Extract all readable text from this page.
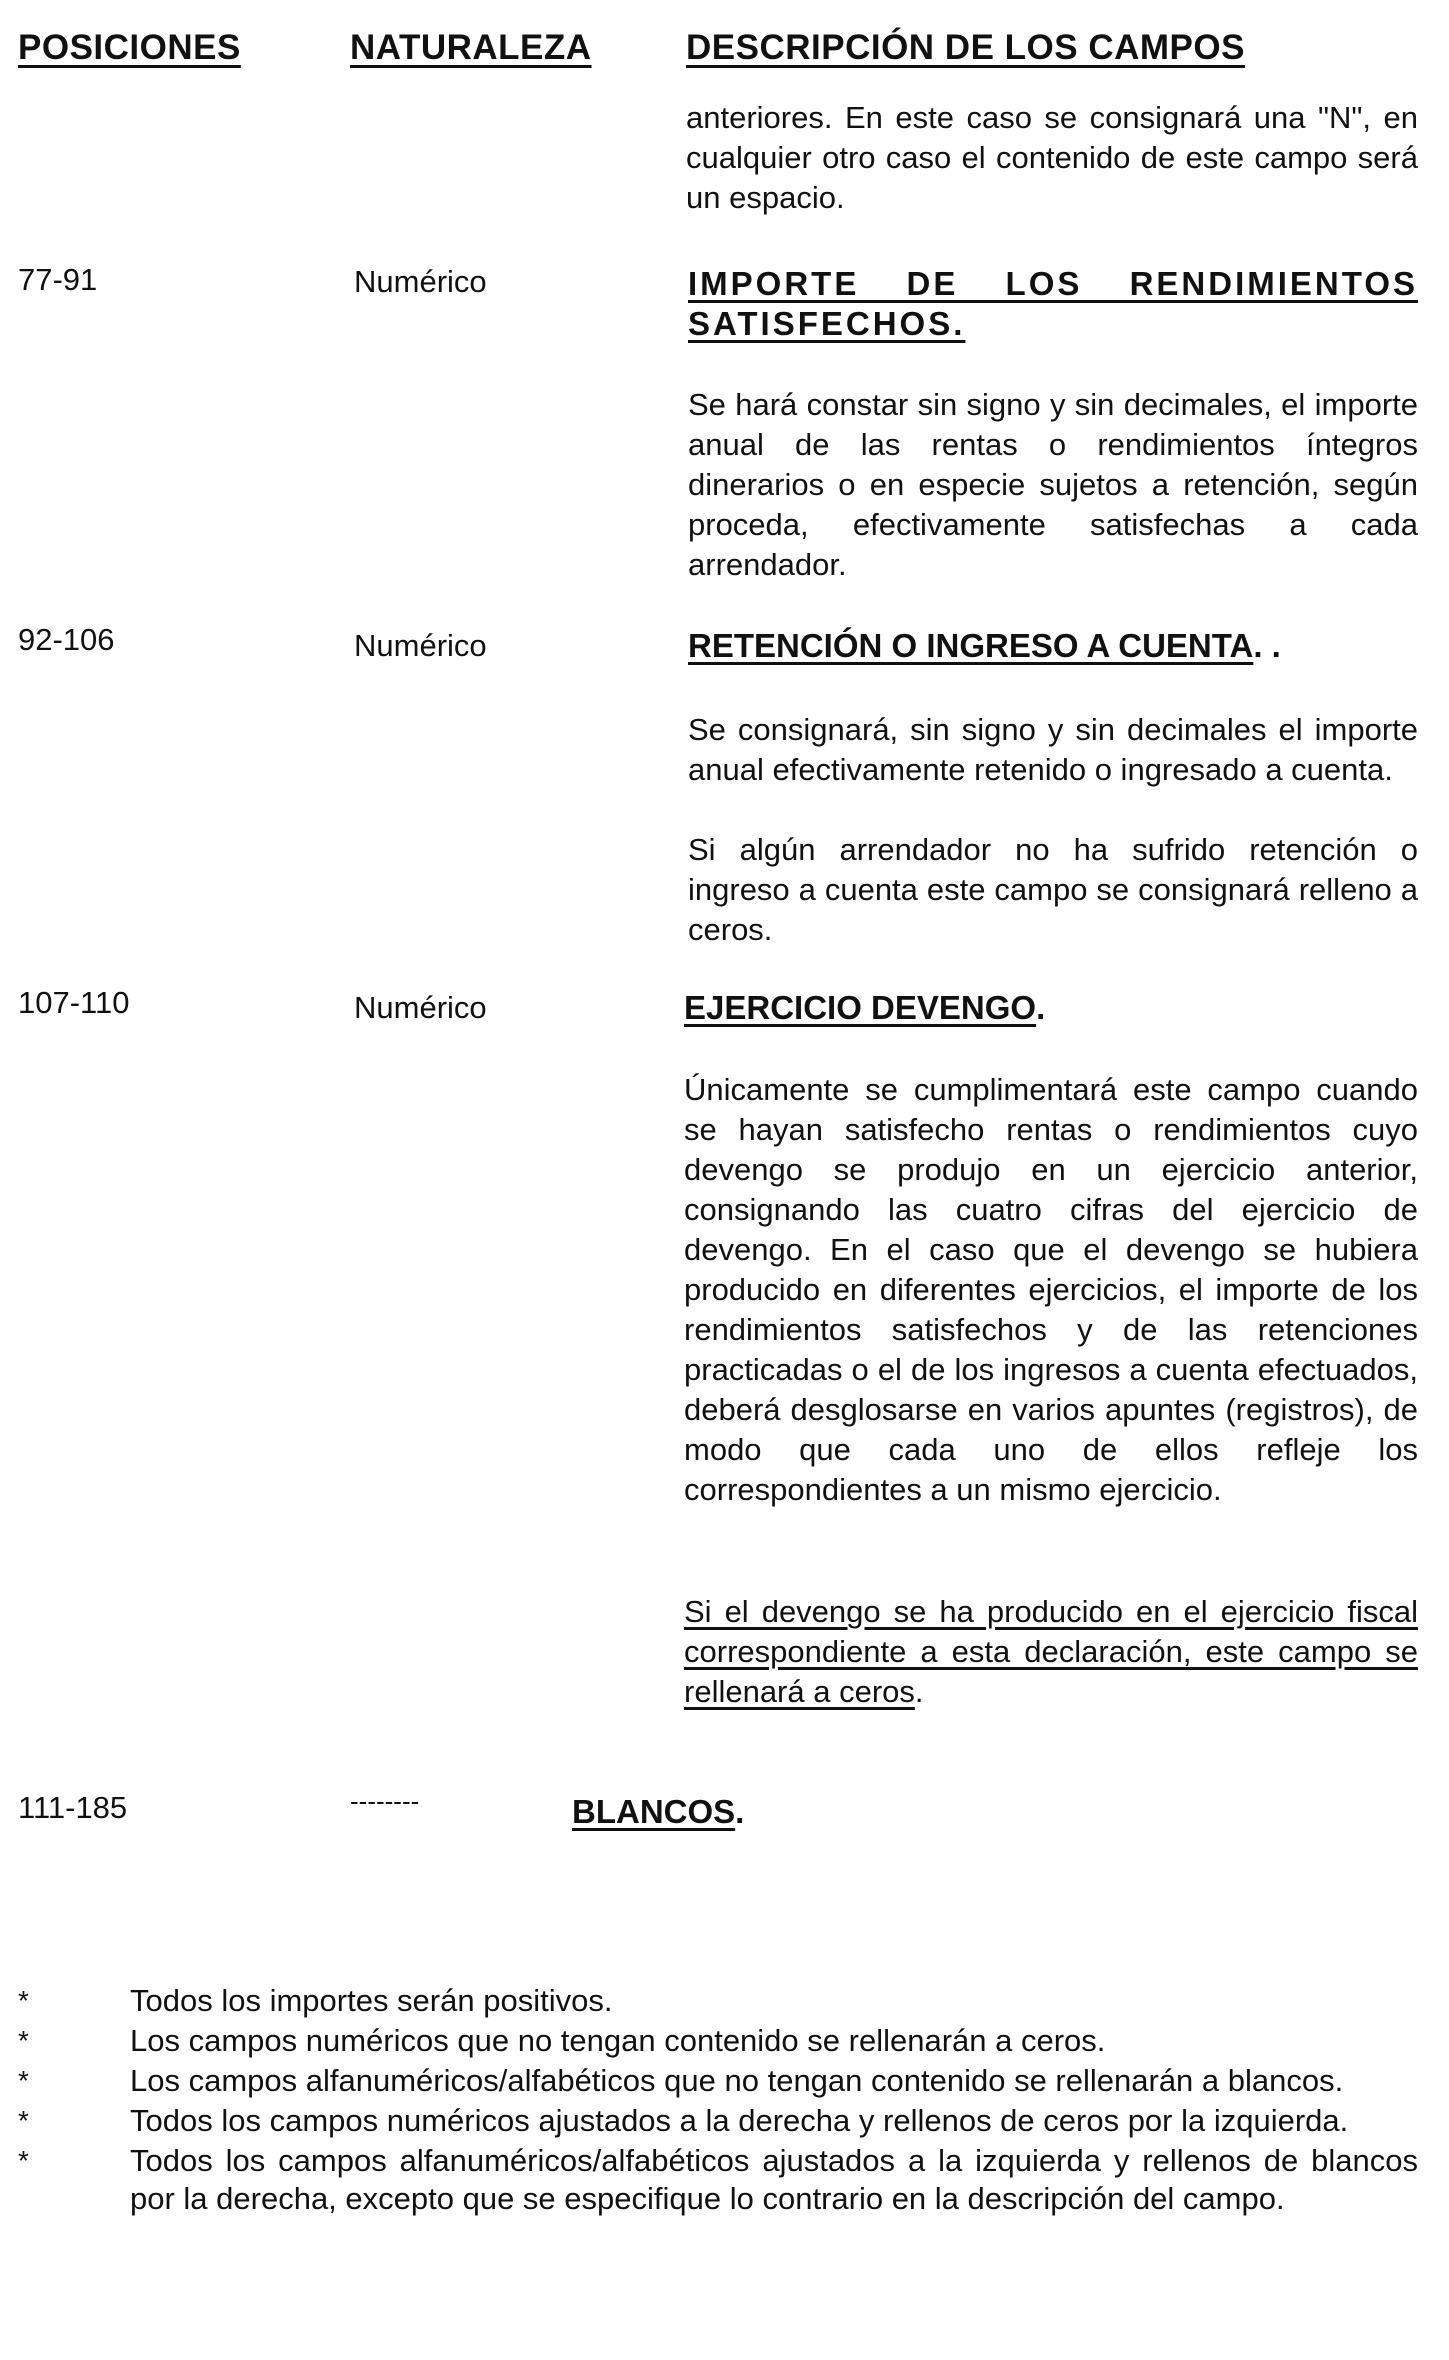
POSICIONES	NATURALEZA	DESCRIPCIÓN DE LOS CAMPOS
anteriores. En este caso se consignará una "N", en cualquier otro caso el contenido de este campo será un espacio.
77-91	Numérico	IMPORTE DE LOS RENDIMIENTOS SATISFECHOS.
Se hará constar sin signo y sin decimales, el importe anual de las rentas o rendimientos íntegros dinerarios o en especie sujetos a retención, según proceda, efectivamente satisfechas a cada arrendador.
92-106	Numérico	RETENCIÓN O INGRESO A CUENTA. .
Se consignará, sin signo y sin decimales el importe anual efectivamente retenido o ingresado a cuenta.
Si algún arrendador no ha sufrido retención o ingreso a cuenta este campo se consignará relleno a ceros.
107-110	Numérico	EJERCICIO DEVENGO.
Únicamente se cumplimentará este campo cuando se hayan satisfecho rentas o rendimientos cuyo devengo se produjo en un ejercicio anterior, consignando las cuatro cifras del ejercicio de devengo. En el caso que el devengo se hubiera producido en diferentes ejercicios, el importe de los rendimientos satisfechos y de las retenciones practicadas o el de los ingresos a cuenta efectuados, deberá desglosarse en varios apuntes (registros), de modo que cada uno de ellos refleje los correspondientes a un mismo ejercicio.
Si el devengo se ha producido en el ejercicio fiscal correspondiente a esta declaración, este campo se rellenará a ceros.
111-185	--------	BLANCOS.
*	Todos los importes serán positivos.
*	Los campos numéricos que no tengan contenido se rellenarán a ceros.
*	Los campos alfanuméricos/alfabéticos que no tengan contenido se rellenarán a blancos.
*	Todos los campos numéricos ajustados a la derecha y rellenos de ceros por la izquierda.
*	Todos los campos alfanuméricos/alfabéticos ajustados a la izquierda y rellenos de blancos por la derecha, excepto que se especifique lo contrario en la descripción del campo.
